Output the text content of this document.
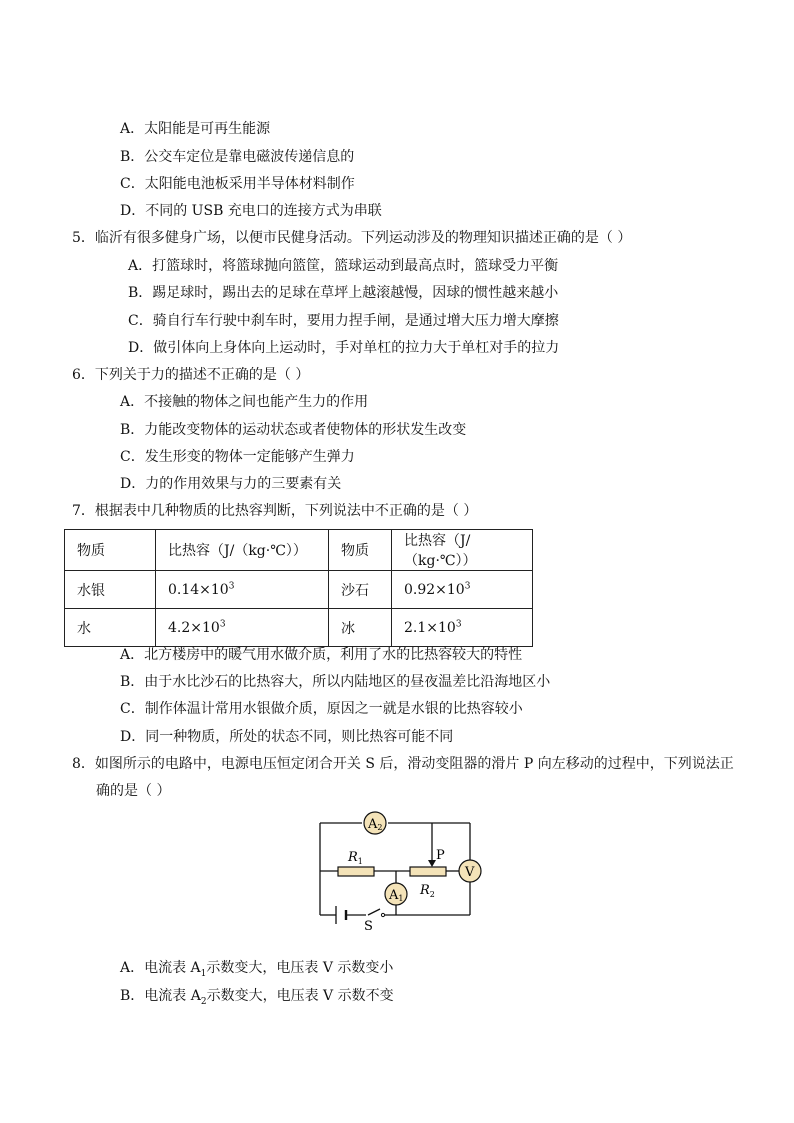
A．太阳能是可再生能源
B．公交车定位是靠电磁波传递信息的
C．太阳能电池板采用半导体材料制作
D．不同的 USB 充电口的连接方式为串联
5．临沂有很多健身广场，以便市民健身活动。下列运动涉及的物理知识描述正确的是（ ）
A．打篮球时，将篮球抛向篮筐，篮球运动到最高点时，篮球受力平衡
B．踢足球时，踢出去的足球在草坪上越滚越慢，因球的惯性越来越小
C．骑自行车行驶中刹车时，要用力捏手闸，是通过增大压力增大摩擦
D．做引体向上身体向上运动时，手对单杠的拉力大于单杠对手的拉力
6．下列关于力的描述不正确的是（ ）
A．不接触的物体之间也能产生力的作用
B．力能改变物体的运动状态或者使物体的形状发生改变
C．发生形变的物体一定能够产生弹力
D．力的作用效果与力的三要素有关
7．根据表中几种物质的比热容判断，下列说法中不正确的是（ ）
物质	比热容（J/（kg·℃））	物质	比热容（J/（kg·℃））
水银	$0.14\times 10^3$	沙石	$0.92\times 10^3$
水	$4.2\times 10^3$	冰	$2.1\times 10^3$
A．北方楼房中的暖气用水做介质，利用了水的比热容较大的特性
B．由于水比沙石的比热容大，所以内陆地区的昼夜温差比沿海地区小
C．制作体温计常用水银做介质，原因之一就是水银的比热容较小
D．同一种物质，所处的状态不同，则比热容可能不同
8．如图所示的电路中，电源电压恒定闭合开关 S 后，滑动变阻器的滑片 P 向左移动的过程中，下列说法正
确的是（ ）
A2
A1
V
$R_1$
$R_2$
P
S
A．电流表 $A_1$示数变大，电压表 V 示数变小
B．电流表 $A_2$示数变大，电压表 V 示数不变
